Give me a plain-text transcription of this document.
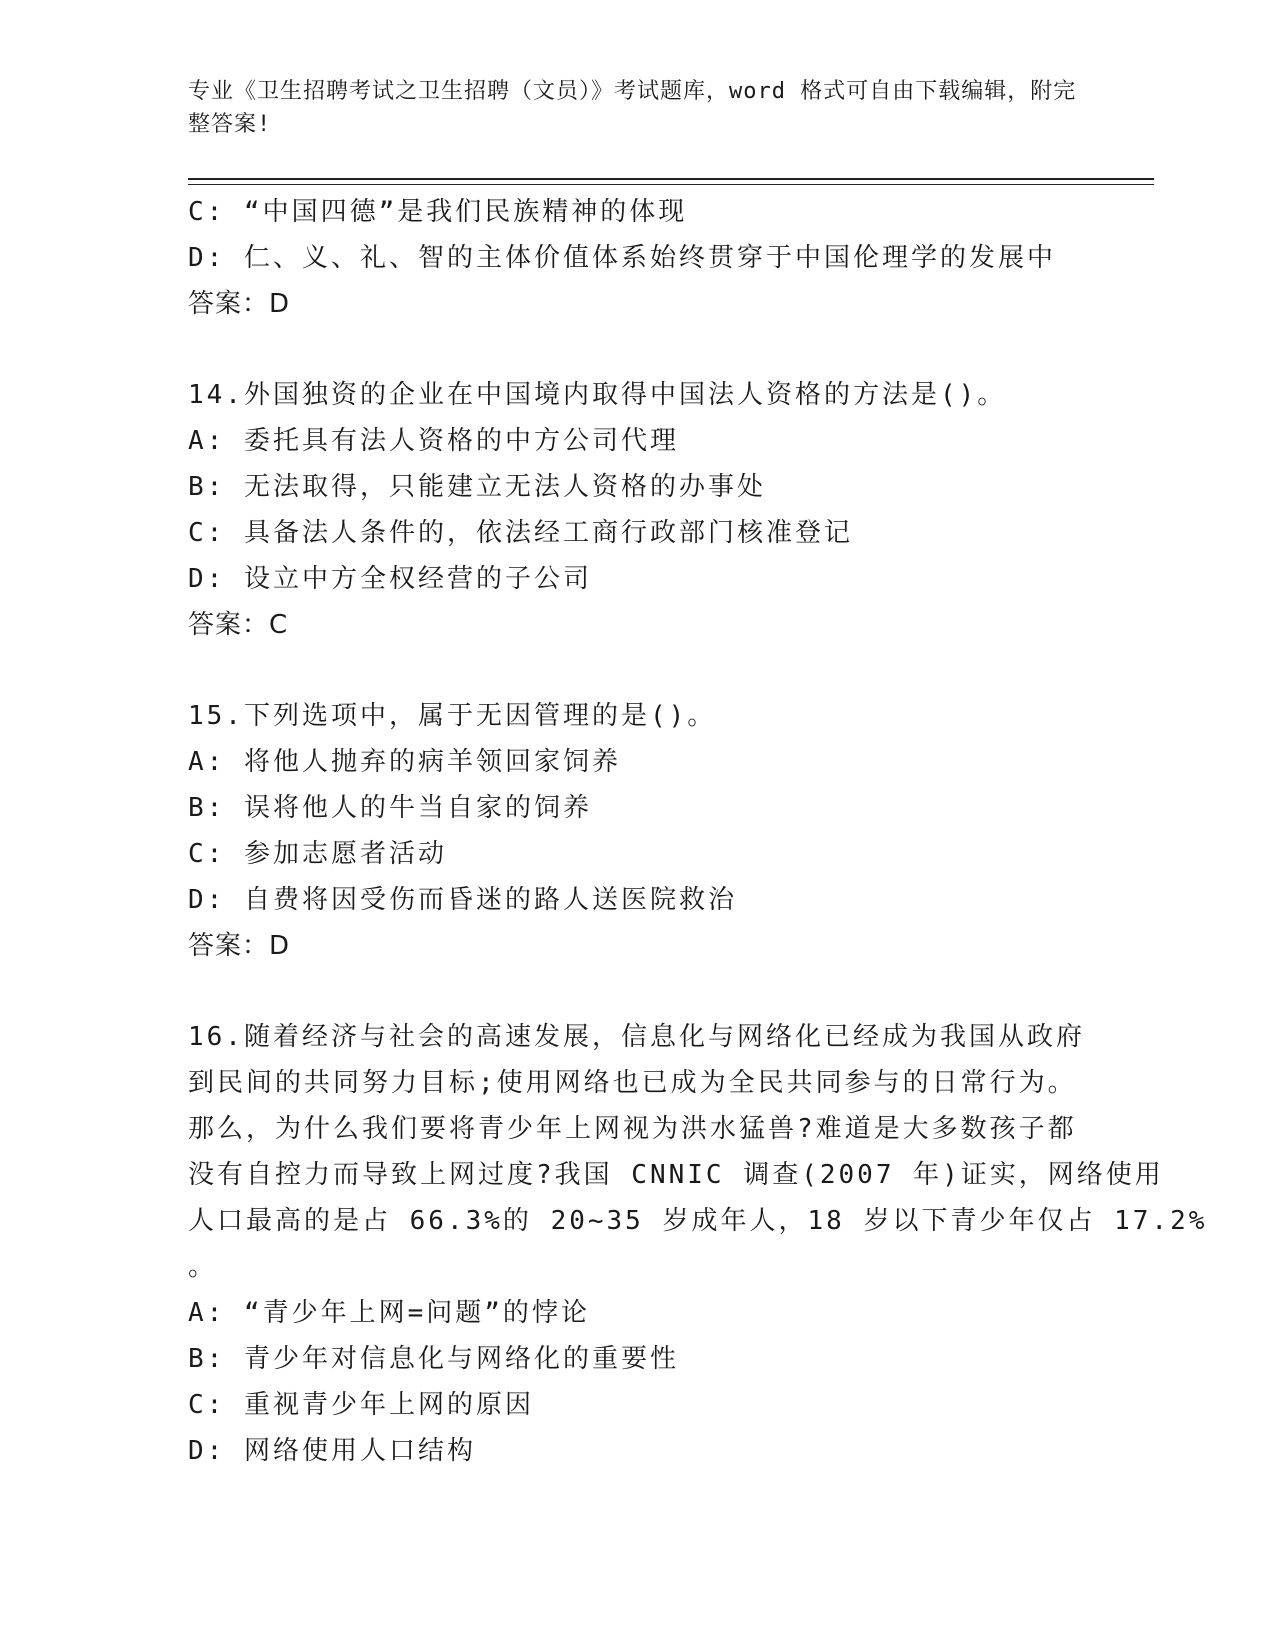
专业《卫生招聘考试之卫生招聘（文员）》考试题库，word 格式可自由下载编辑，附完整答案!
C: “中国四德”是我们民族精神的体现
D: 仁、义、礼、智的主体价值体系始终贯穿于中国伦理学的发展中
答案：D
14.外国独资的企业在中国境内取得中国法人资格的方法是()。
A: 委托具有法人资格的中方公司代理
B: 无法取得，只能建立无法人资格的办事处
C: 具备法人条件的，依法经工商行政部门核准登记
D: 设立中方全权经营的子公司
答案：C
15.下列选项中，属于无因管理的是()。
A: 将他人抛弃的病羊领回家饲养
B: 误将他人的牛当自家的饲养
C: 参加志愿者活动
D: 自费将因受伤而昏迷的路人送医院救治
答案：D
16.随着经济与社会的高速发展，信息化与网络化已经成为我国从政府
到民间的共同努力目标;使用网络也已成为全民共同参与的日常行为。
那么，为什么我们要将青少年上网视为洪水猛兽?难道是大多数孩子都
没有自控力而导致上网过度?我国 CNNIC 调查(2007 年)证实，网络使用
人口最高的是占 66.3%的 20~35 岁成年人，18 岁以下青少年仅占 17.2%
。
A: “青少年上网=问题”的悖论
B: 青少年对信息化与网络化的重要性
C: 重视青少年上网的原因
D: 网络使用人口结构
